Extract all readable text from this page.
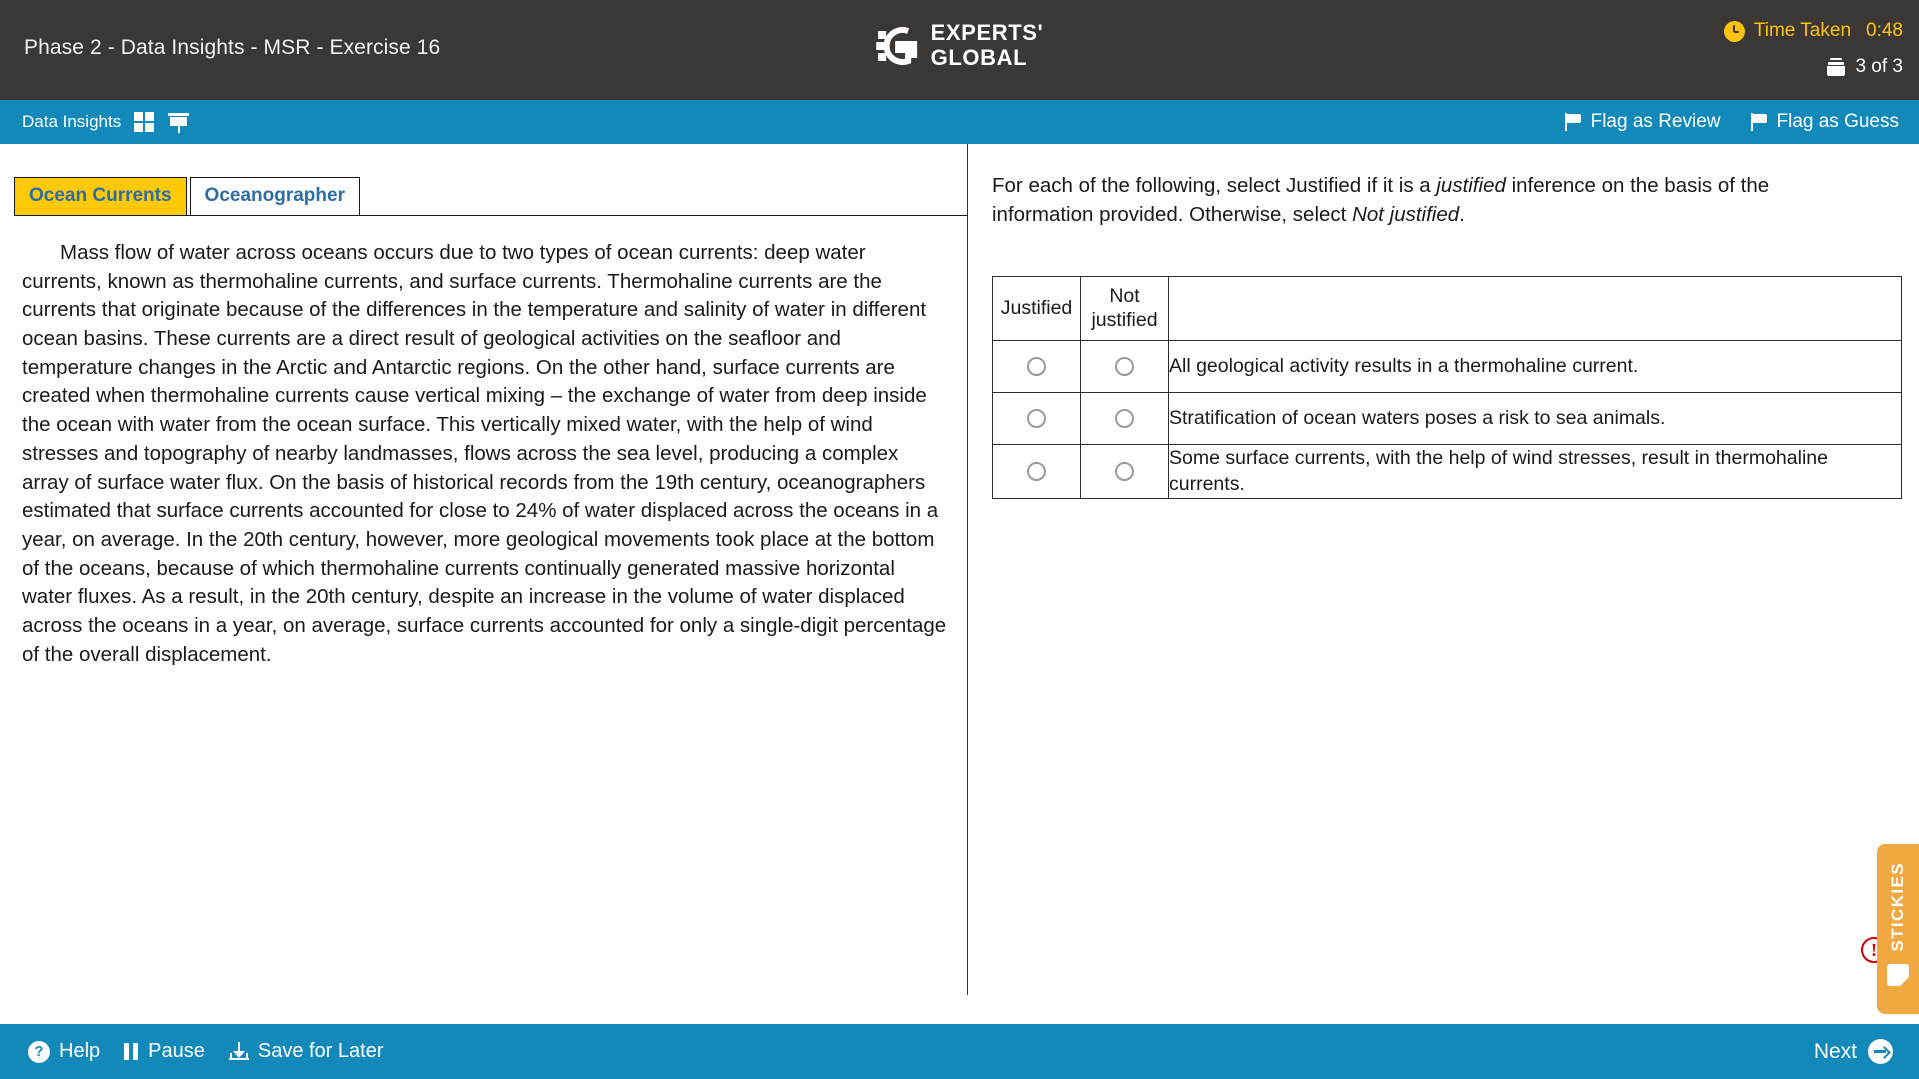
Phase 2 - Data Insights - MSR - Exercise 16
EXPERTS'
GLOBAL
Time Taken 0:48
3 of 3
Data Insights	Flag as Review	Flag as Guess
Ocean Currents	Oceanographer

Mass flow of water across oceans occurs due to two types of ocean currents: deep water currents, known as thermohaline currents, and surface currents. Thermohaline currents are the currents that originate because of the differences in the temperature and salinity of water in different ocean basins. These currents are a direct result of geological activities on the seafloor and temperature changes in the Arctic and Antarctic regions. On the other hand, surface currents are created when thermohaline currents cause vertical mixing – the exchange of water from deep inside the ocean with water from the ocean surface. This vertically mixed water, with the help of wind stresses and topography of nearby landmasses, flows across the sea level, producing a complex array of surface water flux. On the basis of historical records from the 19th century, oceanographers estimated that surface currents accounted for close to 24% of water displaced across the oceans in a year, on average. In the 20th century, however, more geological movements took place at the bottom of the oceans, because of which thermohaline currents continually generated massive horizontal water fluxes. As a result, in the 20th century, despite an increase in the volume of water displaced across the oceans in a year, on average, surface currents accounted for only a single-digit percentage of the overall displacement.

For each of the following, select Justified if it is a justified inference on the basis of the information provided. Otherwise, select Not justified.
Justified	Not justified	
		All geological activity results in a thermohaline current.
		Stratification of ocean waters poses a risk to sea animals.
		Some surface currents, with the help of wind stresses, result in thermohaline currents.
! STICKIES
? Help Pause	Save for Later	Next
